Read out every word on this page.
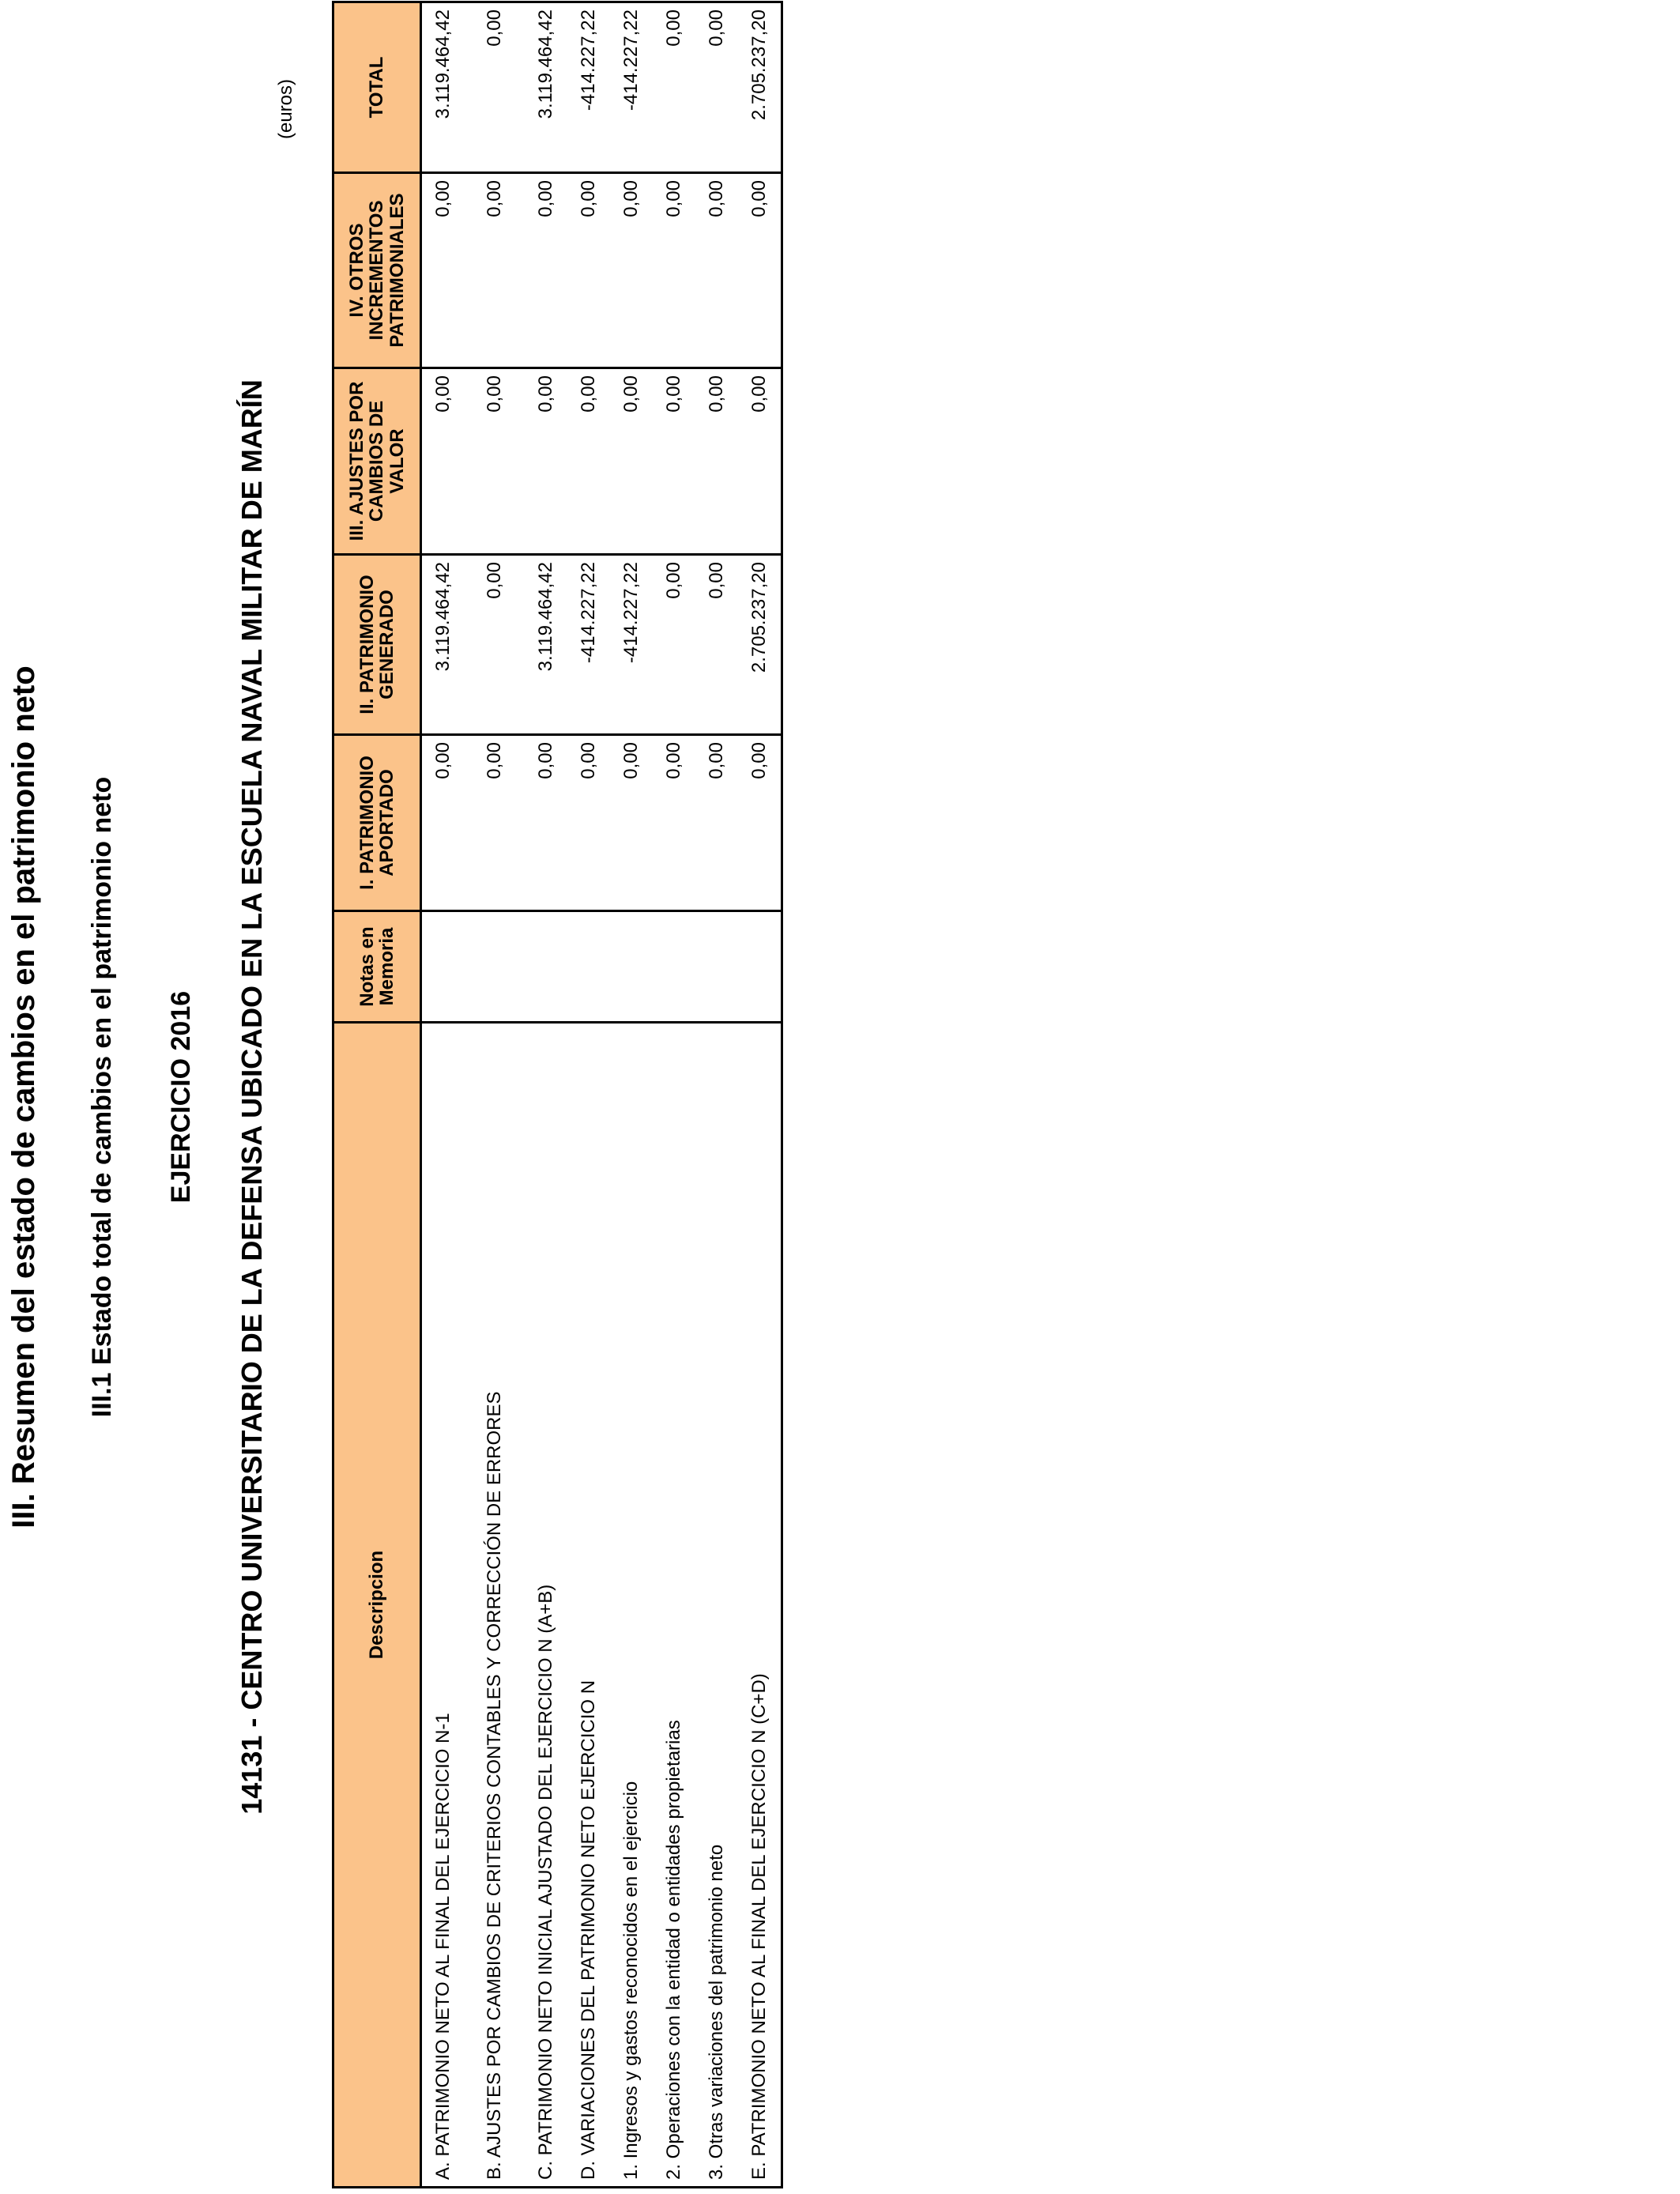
III. Resumen del estado de cambios en el patrimonio neto III.1 Estado total de cambios en el patrimonio neto EJERCICIO 2016 14131 - CENTRO UNIVERSITARIO DE LA DEFENSA UBICADO EN LA ESCUELA NAVAL MILITAR DE MARÍN
(euros)
Descripcion	Notas en Memoria	I. PATRIMONIO APORTADO	II. PATRIMONIO GENERADO	III. AJUSTES POR CAMBIOS DE VALOR	IV. OTROS INCREMENTOS PATRIMONIALES	TOTAL
A. PATRIMONIO NETO AL FINAL DEL EJERCICIO N-1		0,00	3.119.464,42	0,00	0,00	3.119.464,42
B. AJUSTES POR CAMBIOS DE CRITERIOS CONTABLES Y CORRECCIÓN DE ERRORES		0,00	0,00	0,00	0,00	0,00
C. PATRIMONIO NETO INICIAL AJUSTADO DEL EJERCICIO N (A+B)		0,00	3.119.464,42	0,00	0,00	3.119.464,42
D. VARIACIONES DEL PATRIMONIO NETO EJERCICIO N		0,00	-414.227,22	0,00	0,00	-414.227,22
1. Ingresos y gastos reconocidos en el ejercicio		0,00	-414.227,22	0,00	0,00	-414.227,22
2. Operaciones con la entidad o entidades propietarias		0,00	0,00	0,00	0,00	0,00
3. Otras variaciones del patrimonio neto		0,00	0,00	0,00	0,00	0,00
E. PATRIMONIO NETO AL FINAL DEL EJERCICIO N (C+D)		0,00	2.705.237,20	0,00	0,00	2.705.237,20
